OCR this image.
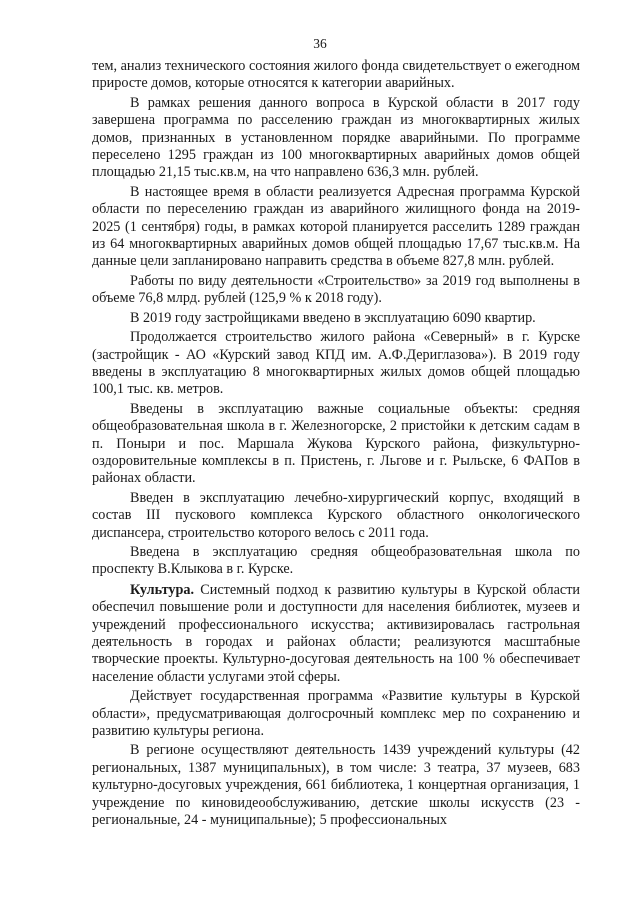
36

тем, анализ технического состояния жилого фонда свидетельствует о ежегодном приросте домов, которые относятся к категории аварийных.

В рамках решения данного вопроса в Курской области в 2017 году завершена программа по расселению граждан из многоквартирных жилых домов, признанных в установленном порядке аварийными. По программе переселено 1295 граждан из 100 многоквартирных аварийных домов общей площадью 21,15 тыс.кв.м, на что направлено 636,3 млн. рублей.

В настоящее время в области реализуется Адресная программа Курской области по переселению граждан из аварийного жилищного фонда на 2019-2025 (1 сентября) годы, в рамках которой планируется расселить 1289 граждан из 64 многоквартирных аварийных домов общей площадью 17,67 тыс.кв.м. На данные цели запланировано направить средства в объеме 827,8 млн. рублей.

Работы по виду деятельности «Строительство» за 2019 год выполнены в объеме 76,8 млрд. рублей (125,9 % к 2018 году).

В 2019 году застройщиками введено в эксплуатацию 6090 квартир.

Продолжается строительство жилого района «Северный» в г. Курске (застройщик - АО «Курский завод КПД им. А.Ф.Дериглазова»). В 2019 году введены в эксплуатацию 8 многоквартирных жилых домов общей площадью 100,1 тыс. кв. метров.

Введены в эксплуатацию важные социальные объекты: средняя общеобразовательная школа в г. Железногорске, 2 пристойки к детским садам в п. Поныри и пос. Маршала Жукова Курского района, физкультурно-оздоровительные комплексы в п. Пристень, г. Льгове и г. Рыльске, 6 ФАПов в районах области.

Введен в эксплуатацию лечебно-хирургический корпус, входящий в состав III пускового комплекса Курского областного онкологического диспансера, строительство которого велось с 2011 года.

Введена в эксплуатацию средняя общеобразовательная школа по проспекту В.Клыкова в г. Курске.

Культура. Системный подход к развитию культуры в Курской области обеспечил повышение роли и доступности для населения библиотек, музеев и учреждений профессионального искусства; активизировалась гастрольная деятельность в городах и районах области; реализуются масштабные творческие проекты. Культурно-досуговая деятельность на 100 % обеспечивает население области услугами этой сферы.

Действует государственная программа «Развитие культуры в Курской области», предусматривающая долгосрочный комплекс мер по сохранению и развитию культуры региона.

В регионе осуществляют деятельность 1439 учреждений культуры (42 региональных, 1387 муниципальных), в том числе: 3 театра, 37 музеев, 683 культурно-досуговых учреждения, 661 библиотека, 1 концертная организация, 1 учреждение по киновидеообслуживанию, детские школы искусств (23 - региональные, 24 - муниципальные); 5 профессиональных
